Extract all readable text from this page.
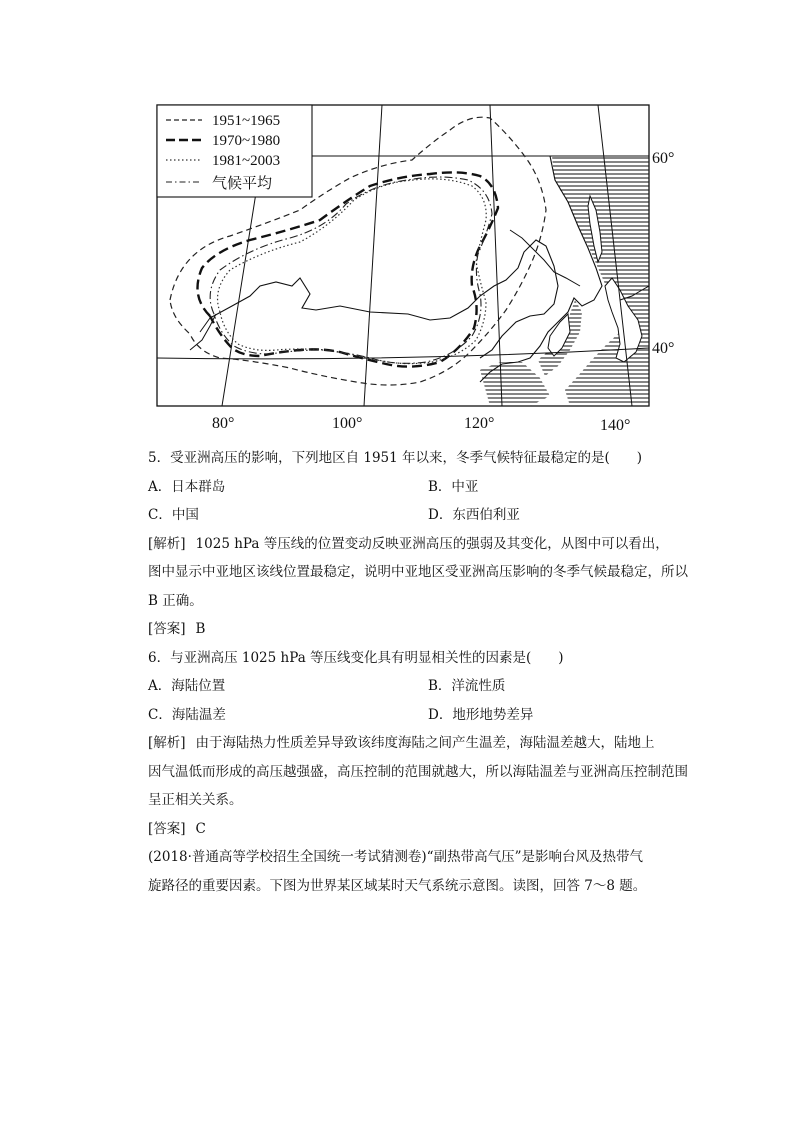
1951~1965
1970~1980
1981~2003
气候平均
60°
40°
80°	100°	120°	140°
5．受亚洲高压的影响，下列地区自 1951 年以来，冬季气候特征最稳定的是(　　)
A．日本群岛	B．中亚
C．中国	D．东西伯利亚
[解析] 1025 hPa 等压线的位置变动反映亚洲高压的强弱及其变化，从图中可以看出，
图中显示中亚地区该线位置最稳定，说明中亚地区受亚洲高压影响的冬季气候最稳定，所以
B 正确。
[答案] B
6．与亚洲高压 1025 hPa 等压线变化具有明显相关性的因素是(　　)
A．海陆位置	B．洋流性质
C．海陆温差	D．地形地势差异
[解析] 由于海陆热力性质差异导致该纬度海陆之间产生温差，海陆温差越大，陆地上
因气温低而形成的高压越强盛，高压控制的范围就越大，所以海陆温差与亚洲高压控制范围
呈正相关关系。
[答案] C
(2018·普通高等学校招生全国统一考试猜测卷)“副热带高气压”是影响台风及热带气
旋路径的重要因素。下图为世界某区域某时天气系统示意图。读图，回答 7～8 题。
